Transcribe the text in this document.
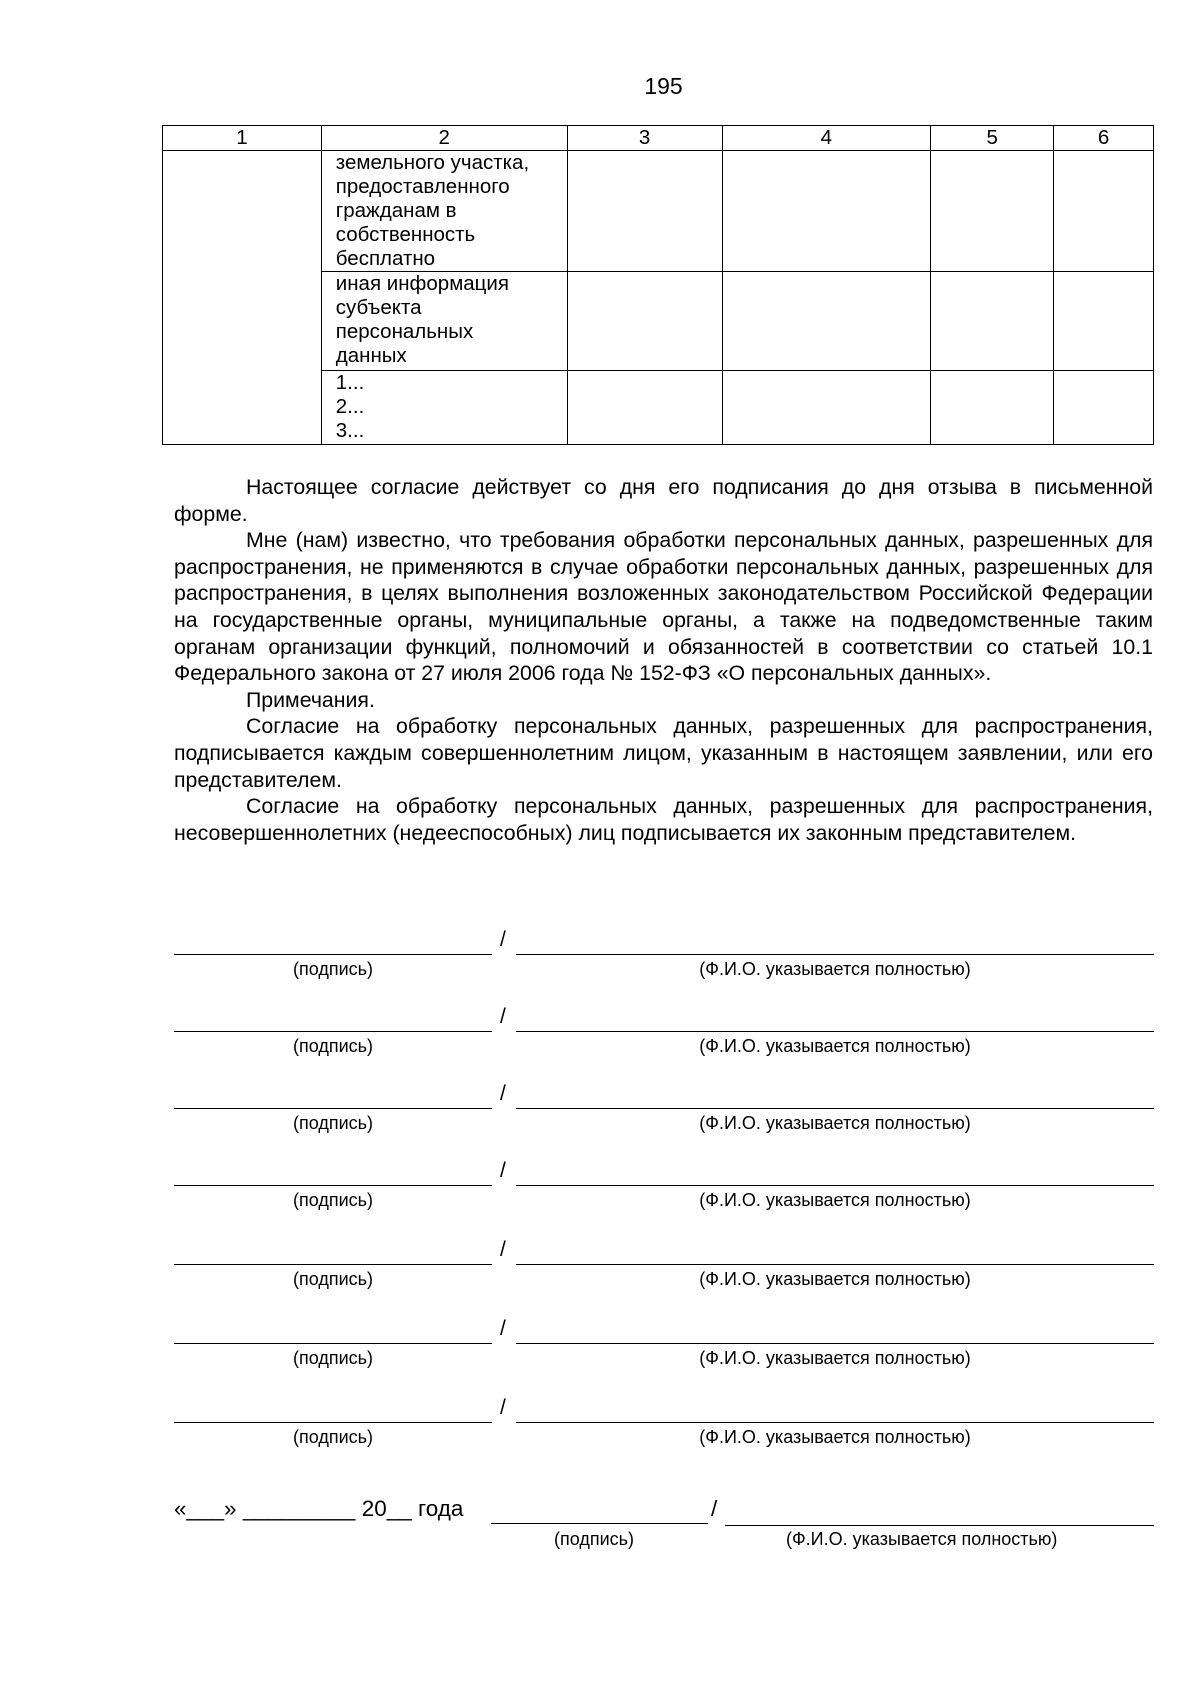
195
1	2	3	4	5	6

	земельного участка,
предоставленного
гражданам в
собственность
бесплатно				

	иная информация
субъекта
персональных
данных				

	1...
2...
3...				

Настоящее согласие действует со дня его подписания до дня отзыва в письменной форме.

Мне (нам) известно, что требования обработки персональных данных, разрешенных для распространения, не применяются в случае обработки персональных данных, разрешенных для распространения, в целях выполнения возложенных законодательством Российской Федерации на государственные органы, муниципальные органы, а также на подведомственные таким органам организации функций, полномочий и обязанностей в соответствии со статьей 10.1 Федерального закона от 27 июля 2006 года № 152-ФЗ «О персональных данных».

Примечания.

Согласие на обработку персональных данных, разрешенных для распространения, подписывается каждым совершеннолетним лицом, указанным в настоящем заявлении, или его представителем.

Согласие на обработку персональных данных, разрешенных для распространения, несовершеннолетних (недееспособных) лиц подписывается их законным представителем.

/
(подпись)	(Ф.И.О. указывается полностью)
/
(подпись)	(Ф.И.О. указывается полностью)
/
(подпись)	(Ф.И.О. указывается полностью)
/
(подпись)	(Ф.И.О. указывается полностью)
/
(подпись)	(Ф.И.О. указывается полностью)
/
(подпись)	(Ф.И.О. указывается полностью)
/
(подпись)	(Ф.И.О. указывается полностью)
«___» _________ 20__ года	/
(подпись)	(Ф.И.О. указывается полностью)
